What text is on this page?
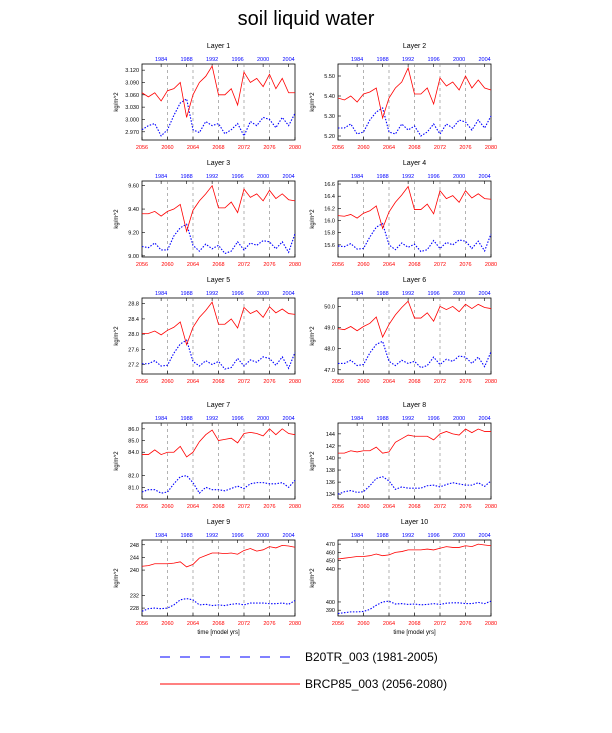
soil liquid water
Layer 1
2056 2060 2064 2068 2072 2076 2080
1984 1988 1992 1996 2000 2004
2.970
3.000
3.030
3.060
3.090
3.120
kg/m^2
Layer 2
2056 2060 2064 2068 2072 2076 2080
1984 1988 1992 1996 2000 2004
5.20
5.30
5.40
5.50
kg/m^2
Layer 3
2056 2060 2064 2068 2072 2076 2080
1984 1988 1992 1996 2000 2004
9.00
9.20
9.40
9.60
kg/m^2
Layer 4
2056 2060 2064 2068 2072 2076 2080
1984 1988 1992 1996 2000 2004
15.6
15.8
16.0
16.2
16.4
16.6
kg/m^2
Layer 5
2056 2060 2064 2068 2072 2076 2080
1984 1988 1992 1996 2000 2004
27.2
27.6
28.0
28.4
28.8
kg/m^2
Layer 6
2056 2060 2064 2068 2072 2076 2080
1984 1988 1992 1996 2000 2004
47.0
48.0
49.0
50.0
kg/m^2
Layer 7
2056 2060 2064 2068 2072 2076 2080
1984 1988 1992 1996 2000 2004
81.0
82.0
84.0
85.0
86.0
kg/m^2
Layer 8
2056 2060 2064 2068 2072 2076 2080
1984 1988 1992 1996 2000 2004
134
136
138
140
142
144
kg/m^2
Layer 9
2056 2060 2064 2068 2072 2076 2080
1984 1988 1992 1996 2000 2004
228
232
240
244
248
kg/m^2
time [model yrs]
Layer 10
2056 2060 2064 2068 2072 2076 2080
1984 1988 1992 1996 2000 2004
390
400
440
450
460
470
kg/m^2
time [model yrs]
B20TR_003 (1981-2005)
BRCP85_003 (2056-2080)
